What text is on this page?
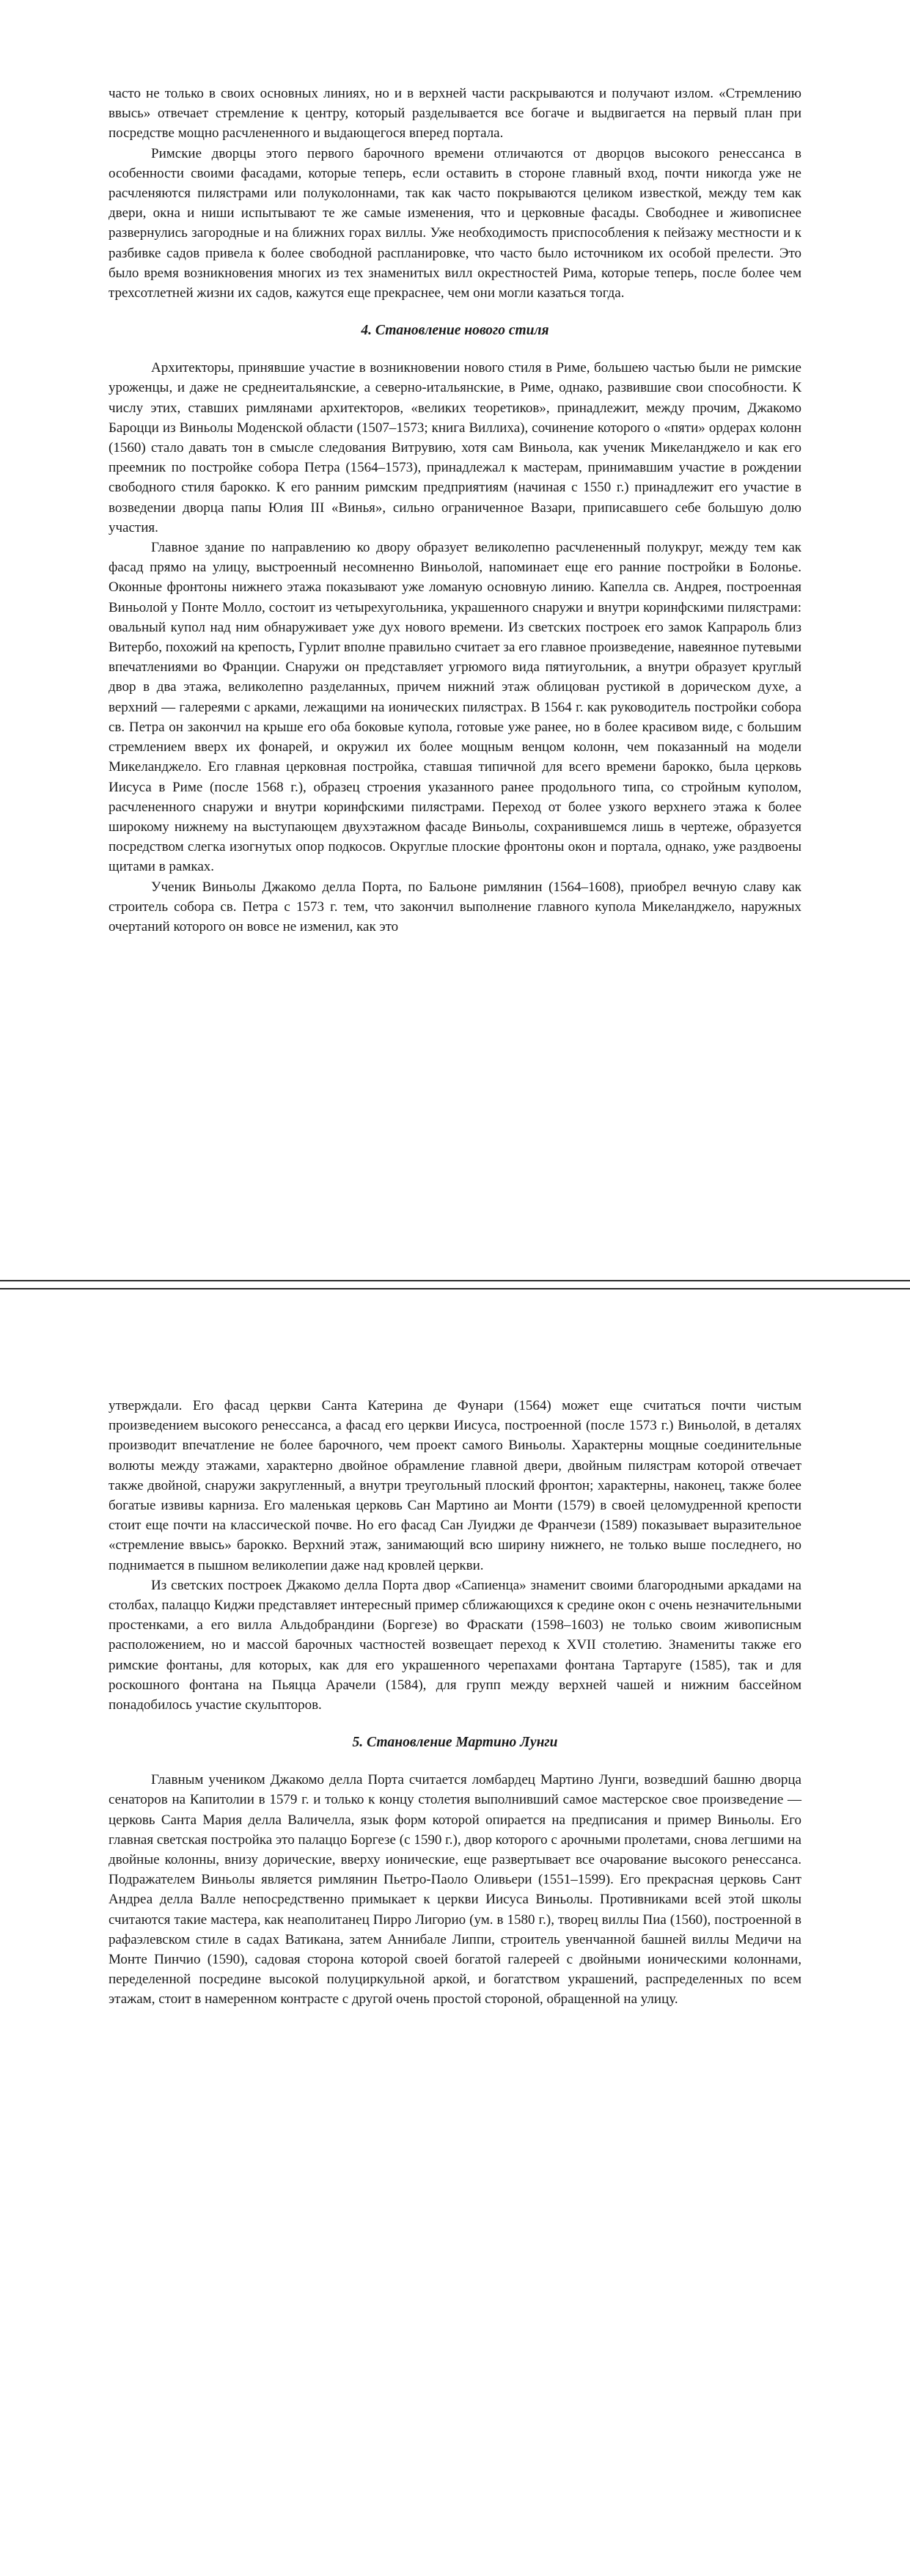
часто не только в своих основных линиях, но и в верхней части раскрываются и получают излом. «Стремлению ввысь» отвечает стремление к центру, который разделывается все богаче и выдвигается на первый план при посредстве мощно расчлененного и выдающегося вперед портала.

Римские дворцы этого первого барочного времени отличаются от дворцов высокого ренессанса в особенности своими фасадами, которые теперь, если оставить в стороне главный вход, почти никогда уже не расчленяются пилястрами или полуколоннами, так как часто покрываются целиком известкой, между тем как двери, окна и ниши испытывают те же самые изменения, что и церковные фасады. Свободнее и живописнее развернулись загородные и на ближних горах виллы. Уже необходимость приспособления к пейзажу местности и к разбивке садов привела к более свободной распланировке, что часто было источником их особой прелести. Это было время возникновения многих из тех знаменитых вилл окрестностей Рима, которые теперь, после более чем трехсотлетней жизни их садов, кажутся еще прекраснее, чем они могли казаться тогда.

4. Становление нового стиля

Архитекторы, принявшие участие в возникновении нового стиля в Риме, большею частью были не римские уроженцы, и даже не среднеитальянские, а северно-итальянские, в Риме, однако, развившие свои способности. К числу этих, ставших римлянами архитекторов, «великих теоретиков», принадлежит, между прочим, Джакомо Бароцци из Виньолы Моденской области (1507–1573; книга Виллиха), сочинение которого о «пяти» ордерах колонн (1560) стало давать тон в смысле следования Витрувию, хотя сам Виньола, как ученик Микеланджело и как его преемник по постройке собора Петра (1564–1573), принадлежал к мастерам, принимавшим участие в рождении свободного стиля барокко. К его ранним римским предприятиям (начиная с 1550 г.) принадлежит его участие в возведении дворца папы Юлия III «Винья», сильно ограниченное Вазари, приписавшего себе большую долю участия.

Главное здание по направлению ко двору образует великолепно расчлененный полукруг, между тем как фасад прямо на улицу, выстроенный несомненно Виньолой, напоминает еще его ранние постройки в Болонье. Оконные фронтоны нижнего этажа показывают уже ломаную основную линию. Капелла св. Андрея, построенная Виньолой у Понте Молло, состоит из четырехугольника, украшенного снаружи и внутри коринфскими пилястрами: овальный купол над ним обнаруживает уже дух нового времени. Из светских построек его замок Капрароль близ Витербо, похожий на крепость, Гурлит вполне правильно считает за его главное произведение, навеянное путевыми впечатлениями во Франции. Снаружи он представляет угрюмого вида пятиугольник, а внутри образует круглый двор в два этажа, великолепно разделанных, причем нижний этаж облицован рустикой в дорическом духе, а верхний — галереями с арками, лежащими на ионических пилястрах. В 1564 г. как руководитель постройки собора св. Петра он закончил на крыше его оба боковые купола, готовые уже ранее, но в более красивом виде, с большим стремлением вверх их фонарей, и окружил их более мощным венцом колонн, чем показанный на модели Микеланджело. Его главная церковная постройка, ставшая типичной для всего времени барокко, была церковь Иисуса в Риме (после 1568 г.), образец строения указанного ранее продольного типа, со стройным куполом, расчлененного снаружи и внутри коринфскими пилястрами. Переход от более узкого верхнего этажа к более широкому нижнему на выступающем двухэтажном фасаде Виньолы, сохранившемся лишь в чертеже, образуется посредством слегка изогнутых опор подкосов. Округлые плоские фронтоны окон и портала, однако, уже раздвоены щитами в рамках.

Ученик Виньолы Джакомо делла Порта, по Бальоне римлянин (1564–1608), приобрел вечную славу как строитель собора св. Петра с 1573 г. тем, что закончил выполнение главного купола Микеланджело, наружных очертаний которого он вовсе не изменил, как это

утверждали. Его фасад церкви Санта Катерина де Фунари (1564) может еще считаться почти чистым произведением высокого ренессанса, а фасад его церкви Иисуса, построенной (после 1573 г.) Виньолой, в деталях производит впечатление не более барочного, чем проект самого Виньолы. Характерны мощные соединительные волюты между этажами, характерно двойное обрамление главной двери, двойным пилястрам которой отвечает также двойной, снаружи закругленный, а внутри треугольный плоский фронтон; характерны, наконец, также более богатые извивы карниза. Его маленькая церковь Сан Мартино аи Монти (1579) в своей целомудренной крепости стоит еще почти на классической почве. Но его фасад Сан Луиджи де Франчези (1589) показывает выразительное «стремление ввысь» барокко. Верхний этаж, занимающий всю ширину нижнего, не только выше последнего, но поднимается в пышном великолепии даже над кровлей церкви.

Из светских построек Джакомо делла Порта двор «Сапиенца» знаменит своими благородными аркадами на столбах, палаццо Киджи представляет интересный пример сближающихся к средине окон с очень незначительными простенками, а его вилла Альдобрандини (Боргезе) во Фраскати (1598–1603) не только своим живописным расположением, но и массой барочных частностей возвещает переход к XVII столетию. Знамениты также его римские фонтаны, для которых, как для его украшенного черепахами фонтана Тартаруге (1585), так и для роскошного фонтана на Пьяцца Арачели (1584), для групп между верхней чашей и нижним бассейном понадобилось участие скульпторов.

5. Становление Мартино Лунги

Главным учеником Джакомо делла Порта считается ломбардец Мартино Лунги, возведший башню дворца сенаторов на Капитолии в 1579 г. и только к концу столетия выполнивший самое мастерское свое произведение — церковь Санта Мария делла Валичелла, язык форм которой опирается на предписания и пример Виньолы. Его главная светская постройка это палаццо Боргезе (с 1590 г.), двор которого с арочными пролетами, снова легшими на двойные колонны, внизу дорические, вверху ионические, еще развертывает все очарование высокого ренессанса. Подражателем Виньолы является римлянин Пьетро-Паоло Оливьери (1551–1599). Его прекрасная церковь Сант Андреа делла Валле непосредственно примыкает к церкви Иисуса Виньолы. Противниками всей этой школы считаются такие мастера, как неаполитанец Пирро Лигорио (ум. в 1580 г.), творец виллы Пиа (1560), построенной в рафаэлевском стиле в садах Ватикана, затем Аннибале Липпи, строитель увенчанной башней виллы Медичи на Монте Пинчио (1590), садовая сторона которой своей богатой галереей с двойными ионическими колоннами, переделенной посредине высокой полуциркульной аркой, и богатством украшений, распределенных по всем этажам, стоит в намеренном контрасте с другой очень простой стороной, обращенной на улицу.
